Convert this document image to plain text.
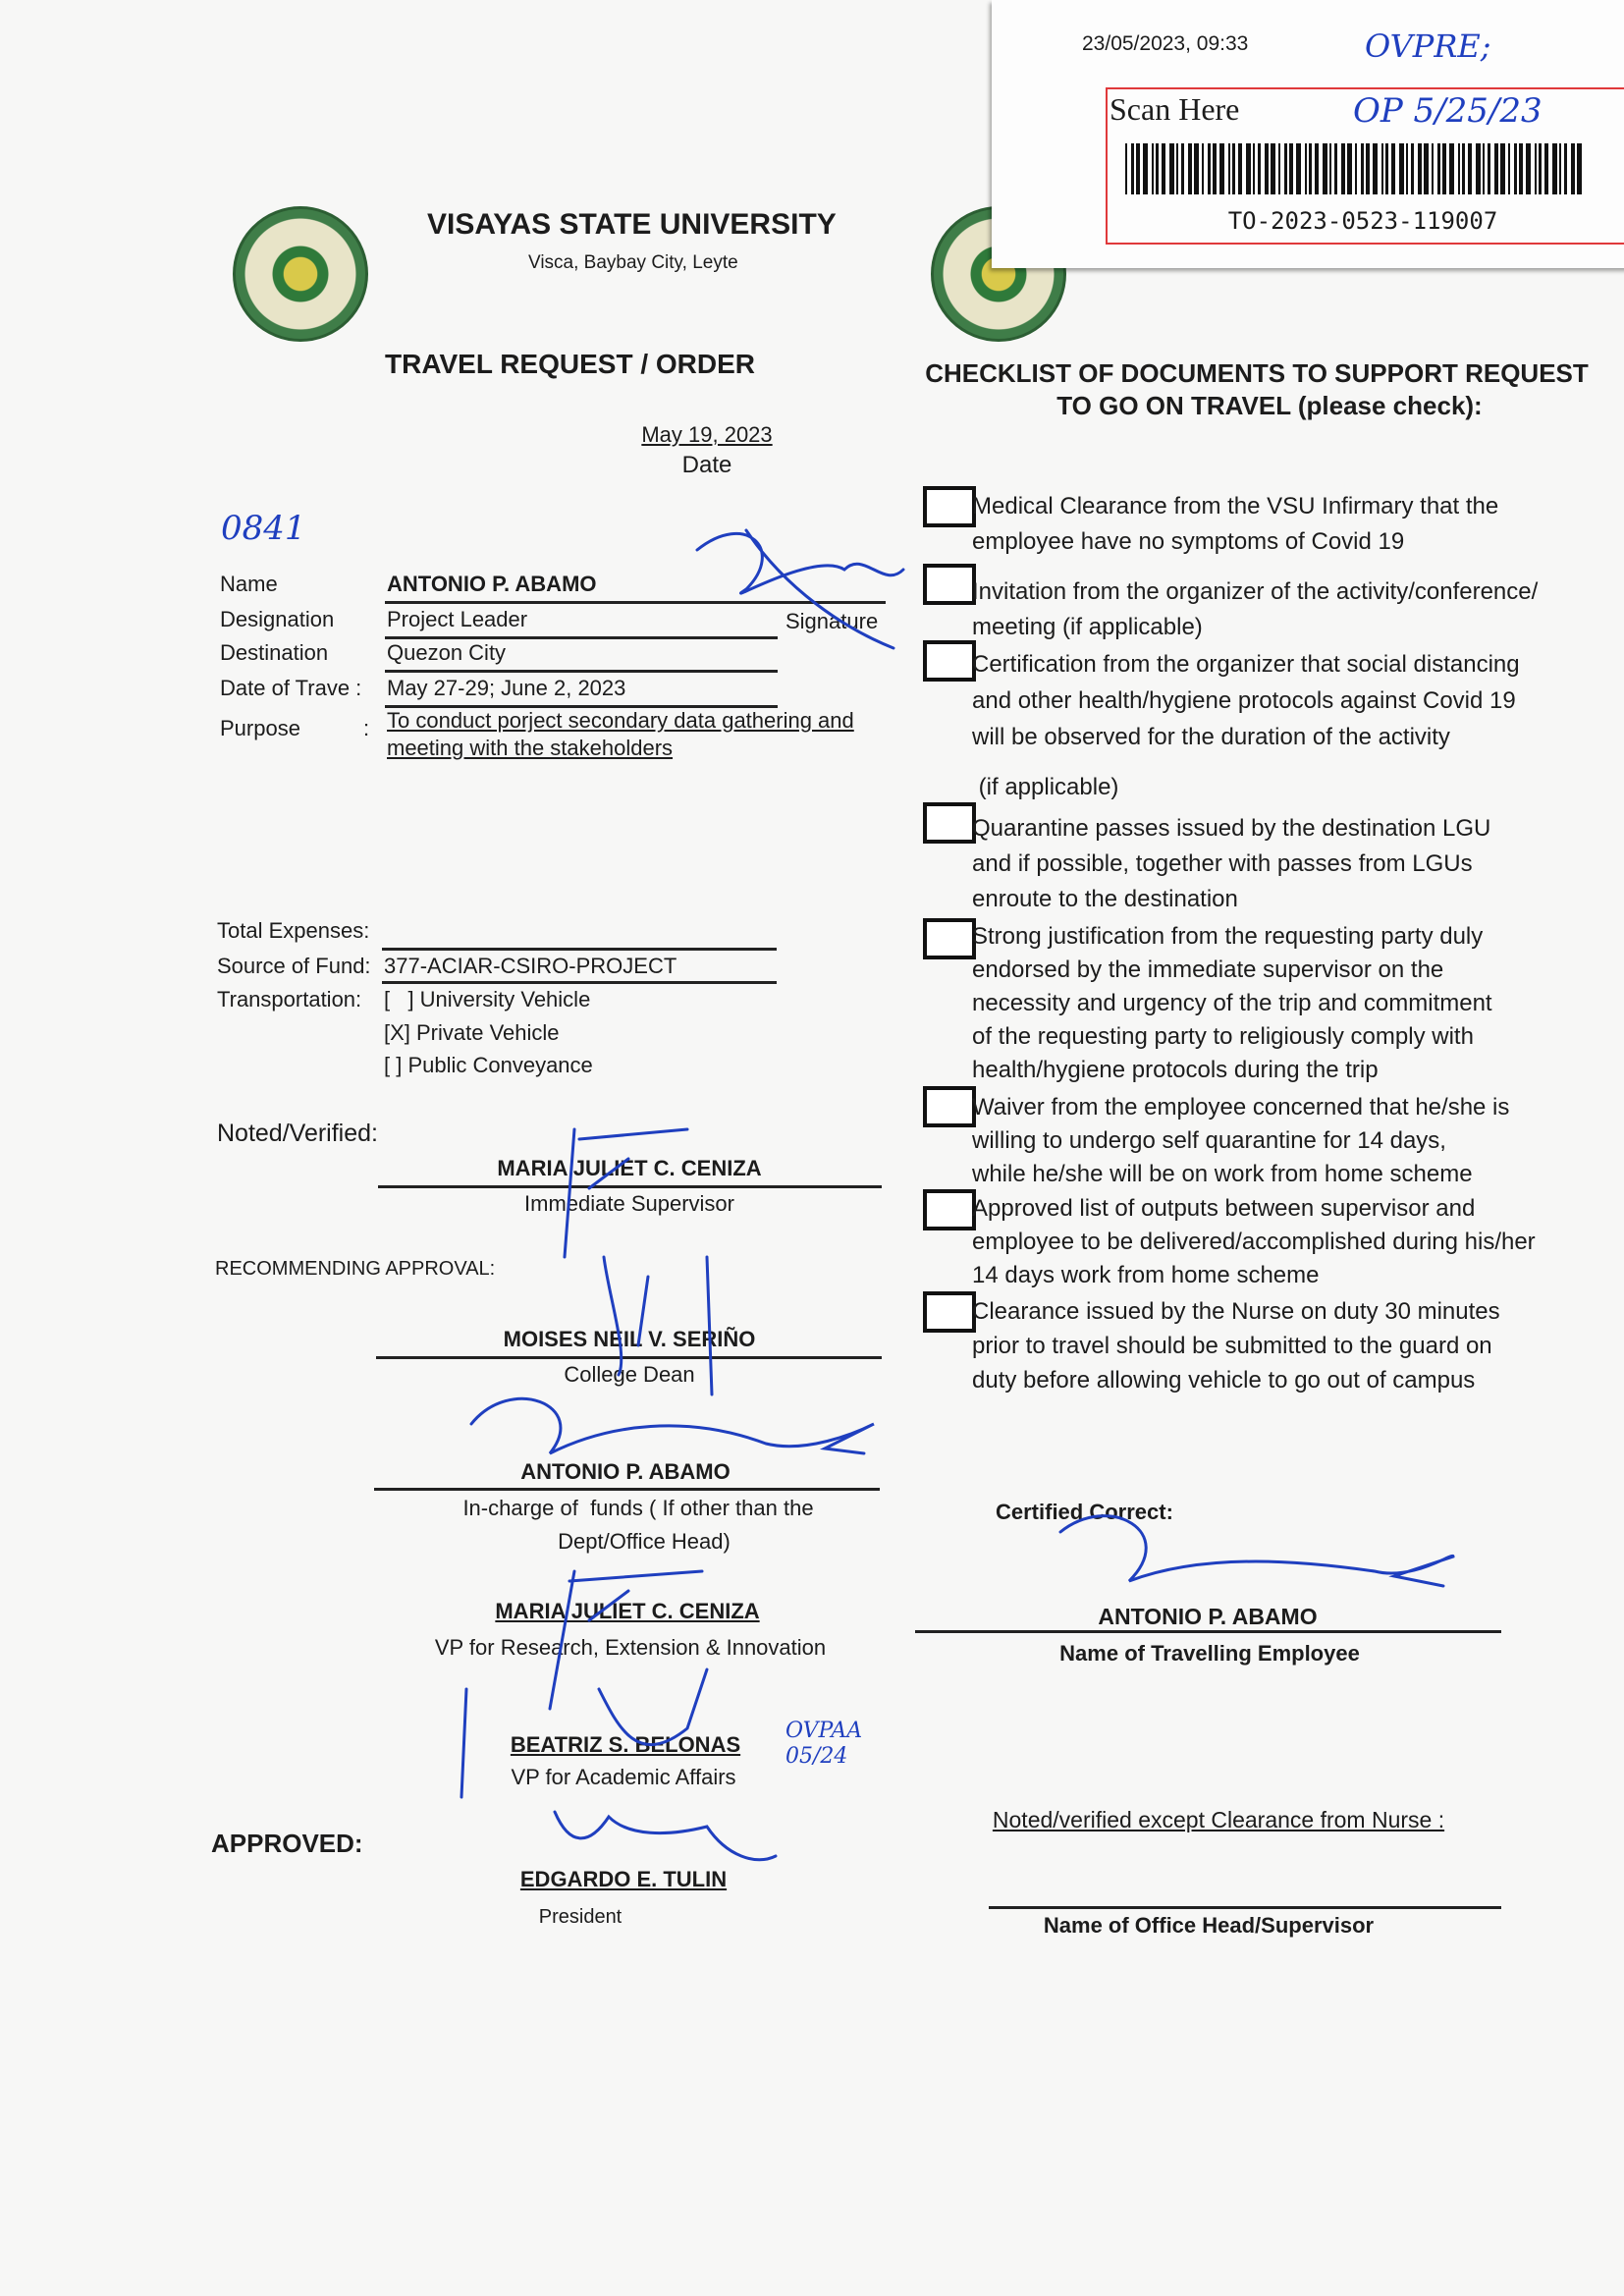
VISAYAS STATE UNIVERSITY
Visca, Baybay City, Leyte
TRAVEL REQUEST / ORDER
May 19, 2023
Date
0841
Name	ANTONIO P. ABAMO
Designation Project Leader	Signature
Destination	Quezon City
Date of Trave : May 27-29; June 2, 2023
Purpose	: To conduct porject secondary data gathering and
meeting with the stakeholders
Total Expenses:
Source of Fund: 377-ACIAR-CSIRO-PROJECT
Transportation: [   ] University Vehicle
[X] Private Vehicle
[ ] Public Conveyance
Noted/Verified:
MARIA JULIET C. CENIZA
Immediate Supervisor
RECOMMENDING APPROVAL:
MOISES NEIL V. SERIÑO
College Dean
ANTONIO P. ABAMO
In-charge of  funds ( If other than the
Dept/Office Head)
MARIA JULIET C. CENIZA
VP for Research, Extension & Innovation
BEATRIZ S. BELONAS
VP for Academic Affairs
OVPAA 05/24
APPROVED:
EDGARDO E. TULIN
President
CHECKLIST OF DOCUMENTS TO SUPPORT REQUEST
TO GO ON TRAVEL (please check):
Medical Clearance from the VSU Infirmary that the
employee have no symptoms of Covid 19
Invitation from the organizer of the activity/conference/
meeting (if applicable)
Certification from the organizer that social distancing
and other health/hygiene protocols against Covid 19
will be observed for the duration of the activity
(if applicable)
Quarantine passes issued by the destination LGU
and if possible, together with passes from LGUs
enroute to the destination
Strong justification from the requesting party duly
endorsed by the immediate supervisor on the
necessity and urgency of the trip and commitment
of the requesting party to religiously comply with
health/hygiene protocols during the trip
Waiver from the employee concerned that he/she is
willing to undergo self quarantine for 14 days,
while he/she will be on work from home scheme
Approved list of outputs between supervisor and
employee to be delivered/accomplished during his/her
14 days work from home scheme
Clearance issued by the Nurse on duty 30 minutes
prior to travel should be submitted to the guard on
duty before allowing vehicle to go out of campus
Certified Correct:
ANTONIO P. ABAMO
Name of Travelling Employee
Noted/verified except Clearance from Nurse :
Name of Office Head/Supervisor
23/05/2023, 09:33	OVPRE;
Scan Here	OP 5/25/23
TO-2023-0523-119007
